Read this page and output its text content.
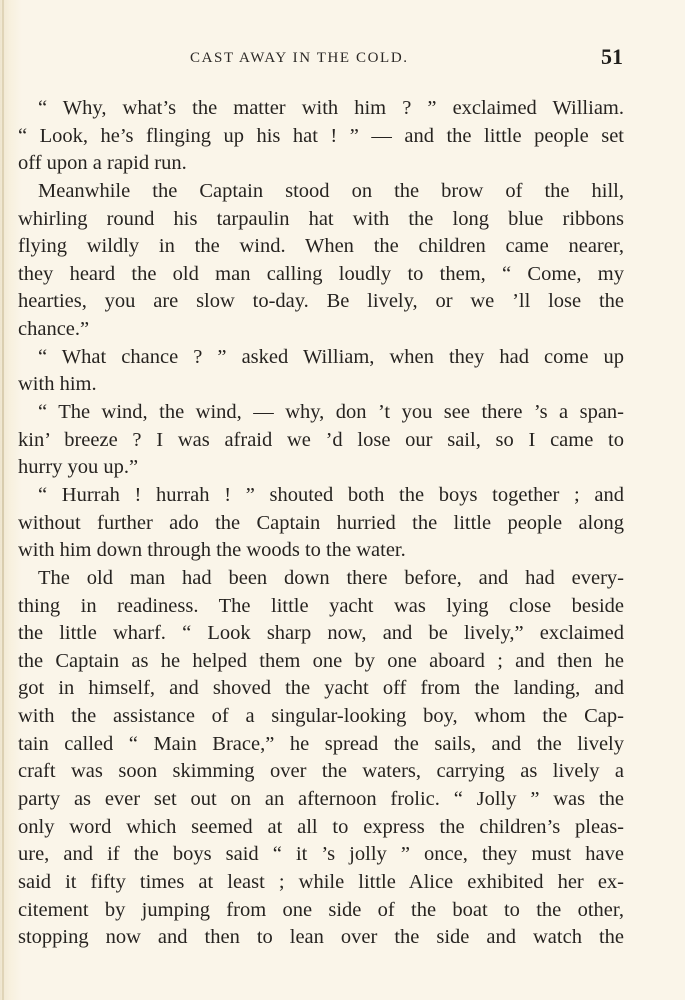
CAST AWAY IN THE COLD.	51
“ Why, what’s the matter with him ? ” exclaimed William.
“ Look, he’s flinging up his hat ! ” — and the little people set
off upon a rapid run.
Meanwhile the Captain stood on the brow of the hill,
whirling round his tarpaulin hat with the long blue ribbons
flying wildly in the wind. When the children came nearer,
they heard the old man calling loudly to them, “ Come, my
hearties, you are slow to-day. Be lively, or we ’ll lose the
chance.”
“ What chance ? ” asked William, when they had come up
with him.
“ The wind, the wind, — why, don ’t you see there ’s a span-
kin’ breeze ? I was afraid we ’d lose our sail, so I came to
hurry you up.”
“ Hurrah ! hurrah ! ” shouted both the boys together ; and
without further ado the Captain hurried the little people along
with him down through the woods to the water.
The old man had been down there before, and had every-
thing in readiness. The little yacht was lying close beside
the little wharf. “ Look sharp now, and be lively,” exclaimed
the Captain as he helped them one by one aboard ; and then he
got in himself, and shoved the yacht off from the landing, and
with the assistance of a singular-looking boy, whom the Cap-
tain called “ Main Brace,” he spread the sails, and the lively
craft was soon skimming over the waters, carrying as lively a
party as ever set out on an afternoon frolic. “ Jolly ” was the
only word which seemed at all to express the children’s pleas-
ure, and if the boys said “ it ’s jolly ” once, they must have
said it fifty times at least ; while little Alice exhibited her ex-
citement by jumping from one side of the boat to the other,
stopping now and then to lean over the side and watch the
